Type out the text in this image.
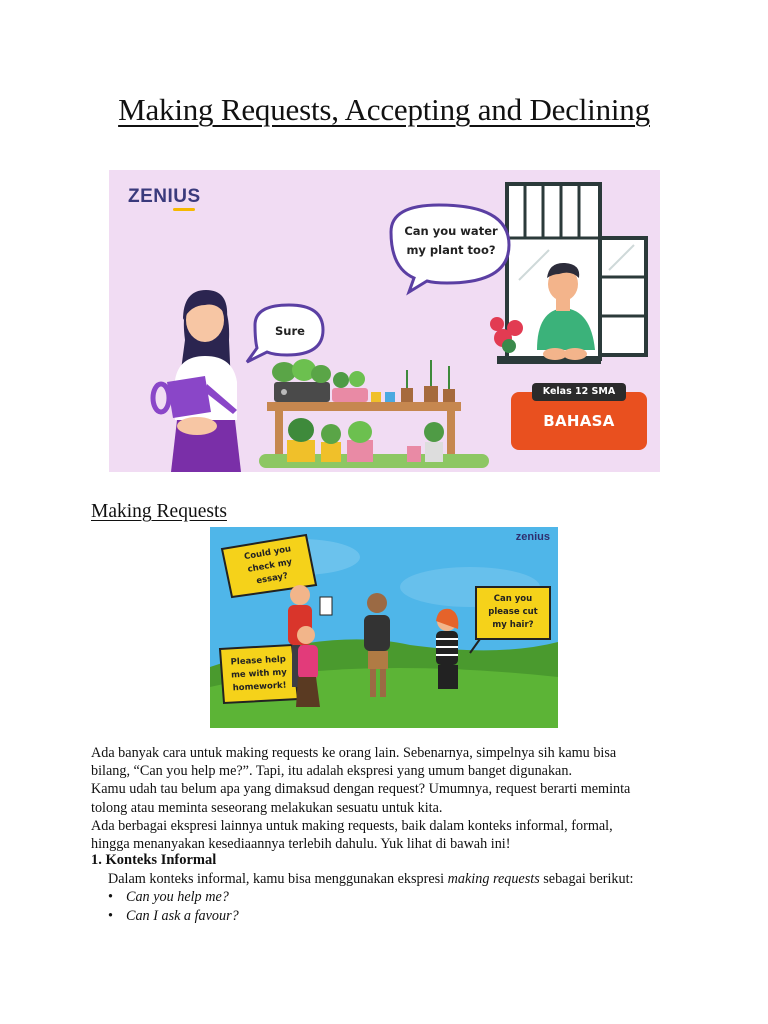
Making Requests, Accepting and Declining
ZENIUS
Can you water my plant too?
Sure
BAHASA INGGRIS
Kelas 12 SMA
Making Requests
zenius
Could you check my essay?
Can you please cut my hair?
Please help me with my homework!

Ada banyak cara untuk making requests ke orang lain. Sebenarnya, simpelnya sih kamu bisa

bilang, “Can you help me?”. Tapi, itu adalah ekspresi yang umum banget digunakan.

Kamu udah tau belum apa yang dimaksud dengan request? Umumnya, request berarti meminta

tolong atau meminta seseorang melakukan sesuatu untuk kita.

Ada berbagai ekspresi lainnya untuk making requests, baik dalam konteks informal, formal,

hingga menanyakan kesediaannya terlebih dahulu. Yuk lihat di bawah ini!

1. Konteks Informal
Dalam konteks informal, kamu bisa menggunakan ekspresi making requests sebagai berikut:
• Can you help me?
• Can I ask a favour?
